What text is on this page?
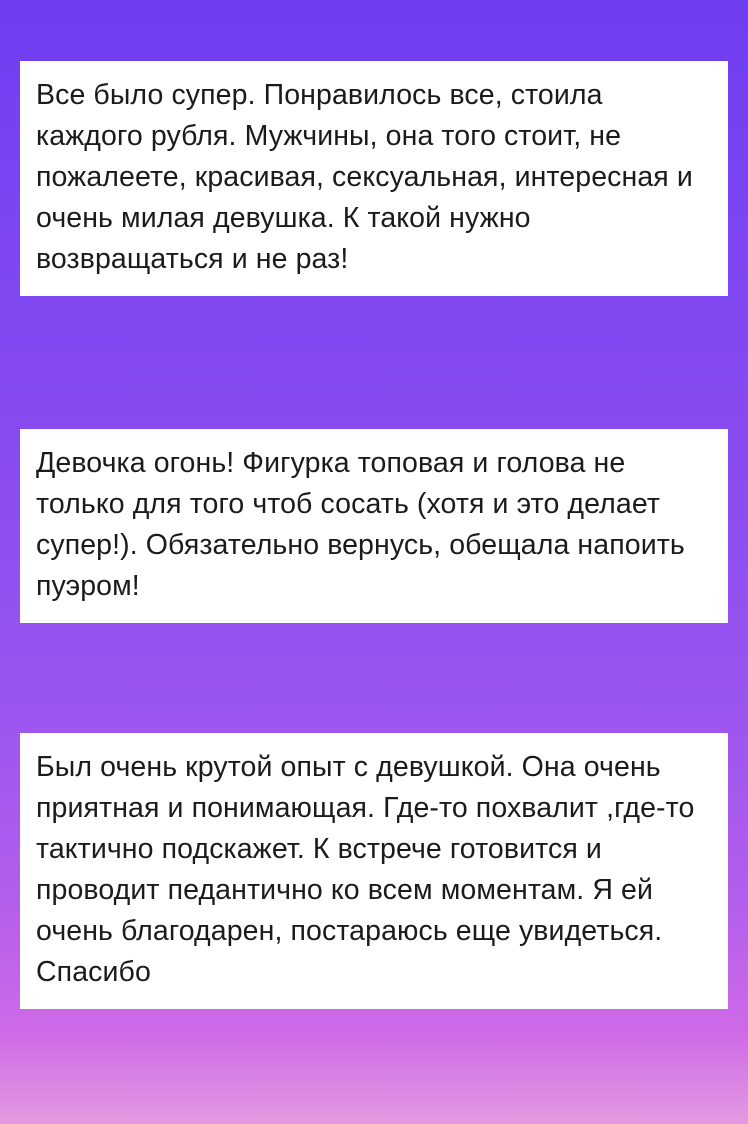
Все было супер. Понравилось все, стоила каждого рубля. Мужчины, она того стоит, не пожалеете, красивая, сексуальная, интересная и очень милая девушка. К такой нужно возвращаться и не раз!
Девочка огонь! Фигурка топовая и голова не только для того чтоб сосать (хотя и это делает супер!). Обязательно вернусь, обещала напоить пуэром!
Был очень крутой опыт с девушкой. Она очень приятная и понимающая. Где-то похвалит ,где-то тактично подскажет. К встрече готовится и проводит педантично ко всем моментам. Я ей очень благодарен, постараюсь еще увидеться. Спасибо
